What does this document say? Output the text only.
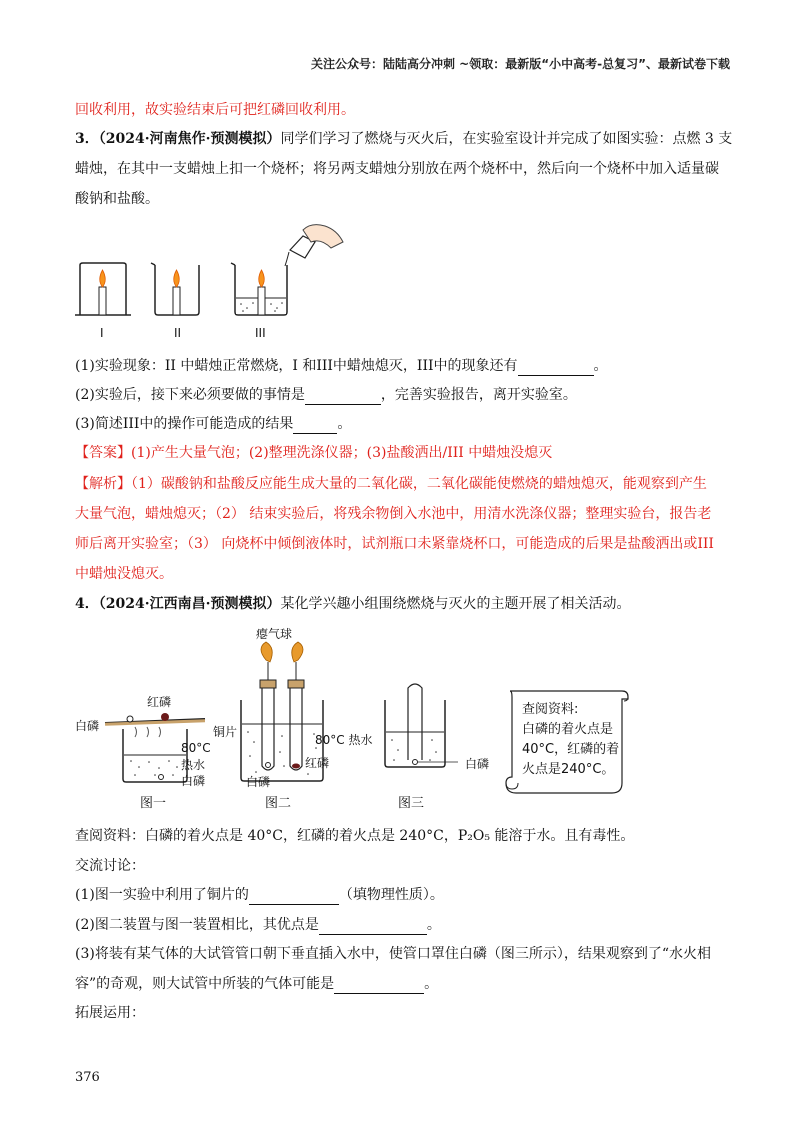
关注公众号：陆陆高分冲刺 ~领取：最新版“小中高考-总复习”、最新试卷下载
回收利用，故实验结束后可把红磷回收利用。
3．（2024·河南焦作·预测模拟）同学们学习了燃烧与灭火后，在实验室设计并完成了如图实验：点燃 3 支
蜡烛，在其中一支蜡烛上扣一个烧杯；将另两支蜡烛分别放在两个烧杯中，然后向一个烧杯中加入适量碳
酸钠和盐酸。
I	II	III
(1)实验现象：II 中蜡烛正常燃烧，I 和III中蜡烛熄灭，III中的现象还有	。
(2)实验后，接下来必须要做的事情是	，完善实验报告，离开实验室。
(3)简述III中的操作可能造成的结果	。
【答案】(1)产生大量气泡；(2)整理洗涤仪器；(3)盐酸洒出/III 中蜡烛没熄灭
【解析】（1）碳酸钠和盐酸反应能生成大量的二氧化碳，二氧化碳能使燃烧的蜡烛熄灭，能观察到产生
大量气泡，蜡烛熄灭；（2） 结束实验后，将残余物倒入水池中，用清水洗涤仪器；整理实验台，报告老
师后离开实验室；（3） 向烧杯中倾倒液体时，试剂瓶口未紧靠烧杯口，可能造成的后果是盐酸洒出或III
中蜡烛没熄灭。
4．（2024·江西南昌·预测模拟）某化学兴趣小组围绕燃烧与灭火的主题开展了相关活动。
红磷
白磷	铜片
80°C
热水
白磷
图一
瘪气球
80°C 热水
红磷
白磷
图二
白磷
图三
查阅资料:
白磷的着火点是
40°C，红磷的着
火点是240°C。
查阅资料：白磷的着火点是 40°C，红磷的着火点是 240°C，P₂O₅ 能溶于水。且有毒性。
交流讨论：
(1)图一实验中利用了铜片的	（填物理性质）。
(2)图二装置与图一装置相比，其优点是	。
(3)将装有某气体的大试管管口朝下垂直插入水中，使管口罩住白磷（图三所示），结果观察到了“水火相
容”的奇观，则大试管中所装的气体可能是	。
拓展运用：
376
